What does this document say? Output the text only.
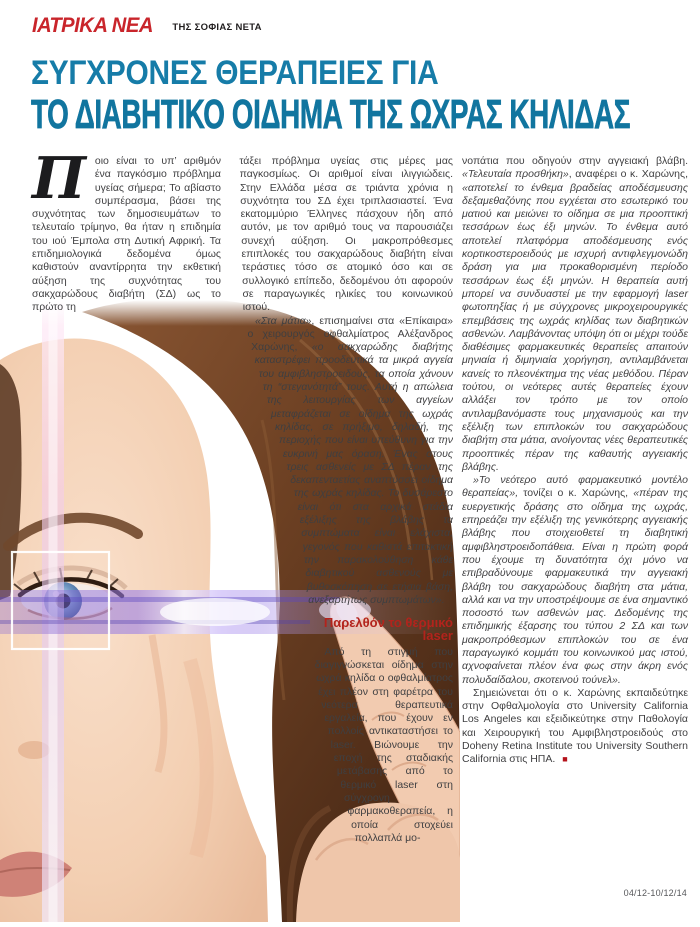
ΙΑΤΡΙΚΑ ΝΕΑ ΤΗΣ ΣΟΦΙΑΣ ΝΕΤΑ
ΣΥΓΧΡΟΝΕΣ ΘΕΡΑΠΕΙΕΣ ΓΙΑ
ΤΟ ΔΙΑΒΗΤΙΚΟ ΟΙΔΗΜΑ ΤΗΣ ΩΧΡΑΣ ΚΗΛΙΔΑΣ
Π οιο είναι το υπ’ αριθμόν ένα παγκόσμιο πρόβλημα υγείας σήμερα; Το αβίαστο συμπέρασμα, βάσει της συχνότητας των δημοσιευμάτων το τελευταίο τρίμηνο, θα ήταν η επιδημία του ιού Έμπολα στη Δυτική Αφρική. Τα επιδημιολογικά δεδομένα όμως καθιστούν αναντίρρητα την εκθετική αύξηση της συχνότητας του σακχαρώδους διαβήτη (ΣΔ) ως το πρώτο τη

τάξει πρόβλημα υγείας στις μέρες μας παγκοσμίως. Οι αριθμοί είναι ιλιγγιώδεις. Στην Ελλάδα μέσα σε τριάντα χρόνια η συχνότητα του ΣΔ έχει τριπλασιαστεί. Ένα εκατομμύριο Έλληνες πάσχουν ήδη από αυτόν, με τον αριθμό τους να παρουσιάζει συνεχή αύξηση. Οι μακροπρόθεσμες επιπλοκές του σακχαρώδους διαβήτη είναι τεράστιες τόσο σε ατομικό όσο και σε συλλογικό επίπεδο, δεδομένου ότι αφορούν σε παραγωγικές ηλικίες του κοινωνικού ιστού.

«Στα μάτια», επισημαίνει στα «Επίκαιρα» ο χειρουργός οφθαλμίατρος Αλέξανδρος Χαρώνης, «ο σακχαρώδης διαβήτης καταστρέφει προοδευτικά τα μικρά αγγεία του αμφιβληστροειδούς, τα οποία χάνουν τη “στεγανότητά” τους. Αυτή η απώλεια της λειτουργίας των αγγείων μεταφράζεται σε οίδημα της ωχράς κηλίδας, σε πρήξιμο, δηλαδή, της περιοχής που είναι υπεύθυνη για την ευκρινή μας όραση. Ένας στους τρεις ασθενείς με ΣΔ πέραν της δεκαπενταετίας αναπτύσσει οίδημα της ωχράς κηλίδας. Το δυσάρεστο είναι ότι στα αρχικά στάδια εξέλιξης της βλάβης τα συμπτώματα είναι ελάχιστα, γεγονός που καθιστά επιτακτική την παρακολούθηση κάθε διαβητικού ασθενούς με βυθοσκόπηση σε ετήσια βάση, ανεξαρτήτως συμπτωμάτων».

Παρελθόν το θερμικό laser

Από τη στιγμή που διαγιγνώσκεται οίδημα στην ωχρά κηλίδα ο οφθαλμίατρος έχει πλέον στη φαρέτρα του νεότερα θεραπευτικά εργαλεία, που έχουν εν πολλοίς αντικαταστήσει το laser. Βιώνουμε την εποχή της σταδιακής μετάβασης από το θερμικό laser στη σύγχρονη φαρμακοθεραπεία, η οποία στοχεύει πολλαπλά μο-

νοπάτια που οδηγούν στην αγγειακή βλάβη. «Τελευταία προσθήκη», αναφέρει ο κ. Χαρώνης, «αποτελεί το ένθεμα βραδείας αποδέσμευσης δεξαμεθαζόνης που εγχέεται στο εσωτερικό του ματιού και μειώνει το οίδημα σε μια προοπτική τεσσάρων έως έξι μηνών. Το ένθεμα αυτό αποτελεί πλατφόρμα αποδέσμευσης ενός κορτικοστεροειδούς με ισχυρή αντιφλεγμονώδη δράση για μια προκαθορισμένη περίοδο τεσσάρων έως έξι μηνών. Η θεραπεία αυτή μπορεί να συνδυαστεί με την εφαρμογή laser φωτοπηξίας ή με σύγχρονες μικροχειρουργικές επεμβάσεις της ωχράς κηλίδας των διαβητικών ασθενών. Λαμβάνοντας υπόψη ότι οι μέχρι τούδε διαθέσιμες φαρμακευτικές θεραπείες απαιτούν μηνιαία ή διμηνιαία χορήγηση, αντιλαμβάνεται κανείς το πλεονέκτημα της νέας μεθόδου. Πέραν τούτου, οι νεότερες αυτές θεραπείες έχουν αλλάξει τον τρόπο με τον οποίο αντιλαμβανόμαστε τους μηχανισμούς και την εξέλιξη των επιπλοκών του σακχαρώδους διαβήτη στα μάτια, ανοίγοντας νέες θεραπευτικές προοπτικές πέραν της καθαυτής αγγειακής βλάβης.

»Το νεότερο αυτό φαρμακευτικό μοντέλο θεραπείας», τονίζει ο κ. Χαρώνης, «πέραν της ευεργετικής δράσης στο οίδημα της ωχράς, επηρεάζει την εξέλιξη της γενικότερης αγγειακής βλάβης που στοιχειοθετεί τη διαβητική αμφιβληστροειδοπάθεια. Είναι η πρώτη φορά που έχουμε τη δυνατότητα όχι μόνο να επιβραδύνουμε φαρμακευτικά την αγγειακή βλάβη του σακχαρώδους διαβήτη στα μάτια, αλλά και να την υποστρέψουμε σε ένα σημαντικό ποσοστό των ασθενών μας. Δεδομένης της επιδημικής έξαρσης του τύπου 2 ΣΔ και των μακροπρόθεσμων επιπλοκών του σε ένα παραγωγικό κομμάτι του κοινωνικού μας ιστού, αχνοφαίνεται πλέον ένα φως στην άκρη ενός πολυδαίδαλου, σκοτεινού τούνελ».

Σημειώνεται ότι ο κ. Χαρώνης εκπαιδεύτηκε στην Οφθαλμολογία στο University California Los Angeles και εξειδικεύτηκε στην Παθολογία και Χειρουργική του Αμφιβληστροειδούς στο Doheny Retina Institute του University Southern California στις ΗΠΑ. ■

04/12-10/12/14
